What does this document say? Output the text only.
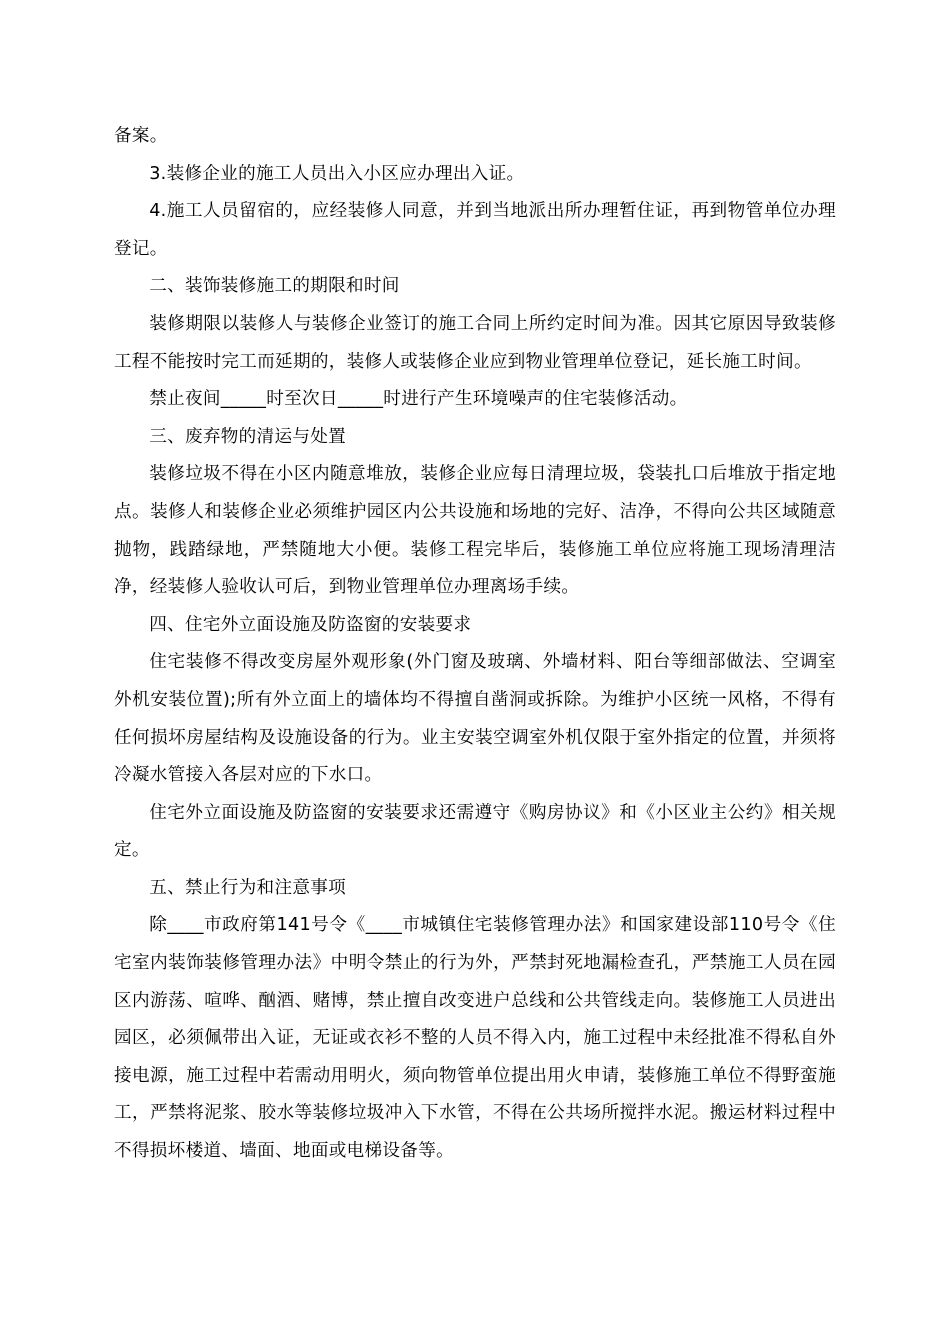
备案。

3.装修企业的施工人员出入小区应办理出入证。

4.施工人员留宿的，应经装修人同意，并到当地派出所办理暂住证，再到物管单位办理登记。

二、装饰装修施工的期限和时间

装修期限以装修人与装修企业签订的施工合同上所约定时间为准。因其它原因导致装修工程不能按时完工而延期的，装修人或装修企业应到物业管理单位登记，延长施工时间。

禁止夜间_____时至次日_____时进行产生环境噪声的住宅装修活动。

三、废弃物的清运与处置

装修垃圾不得在小区内随意堆放，装修企业应每日清理垃圾，袋装扎口后堆放于指定地点。装修人和装修企业必须维护园区内公共设施和场地的完好、洁净，不得向公共区域随意抛物，践踏绿地，严禁随地大小便。装修工程完毕后，装修施工单位应将施工现场清理洁净，经装修人验收认可后，到物业管理单位办理离场手续。

四、住宅外立面设施及防盗窗的安装要求

住宅装修不得改变房屋外观形象(外门窗及玻璃、外墙材料、阳台等细部做法、空调室外机安装位置);所有外立面上的墙体均不得擅自凿洞或拆除。为维护小区统一风格，不得有任何损坏房屋结构及设施设备的行为。业主安装空调室外机仅限于室外指定的位置，并须将冷凝水管接入各层对应的下水口。

住宅外立面设施及防盗窗的安装要求还需遵守《购房协议》和《小区业主公约》相关规定。

五、禁止行为和注意事项

除____市政府第141号令《____市城镇住宅装修管理办法》和国家建设部110号令《住宅室内装饰装修管理办法》中明令禁止的行为外，严禁封死地漏检查孔，严禁施工人员在园区内游荡、喧哗、酗酒、赌博，禁止擅自改变进户总线和公共管线走向。装修施工人员进出园区，必须佩带出入证，无证或衣衫不整的人员不得入内，施工过程中未经批准不得私自外接电源，施工过程中若需动用明火，须向物管单位提出用火申请，装修施工单位不得野蛮施工，严禁将泥浆、胶水等装修垃圾冲入下水管，不得在公共场所搅拌水泥。搬运材料过程中不得损坏楼道、墙面、地面或电梯设备等。
